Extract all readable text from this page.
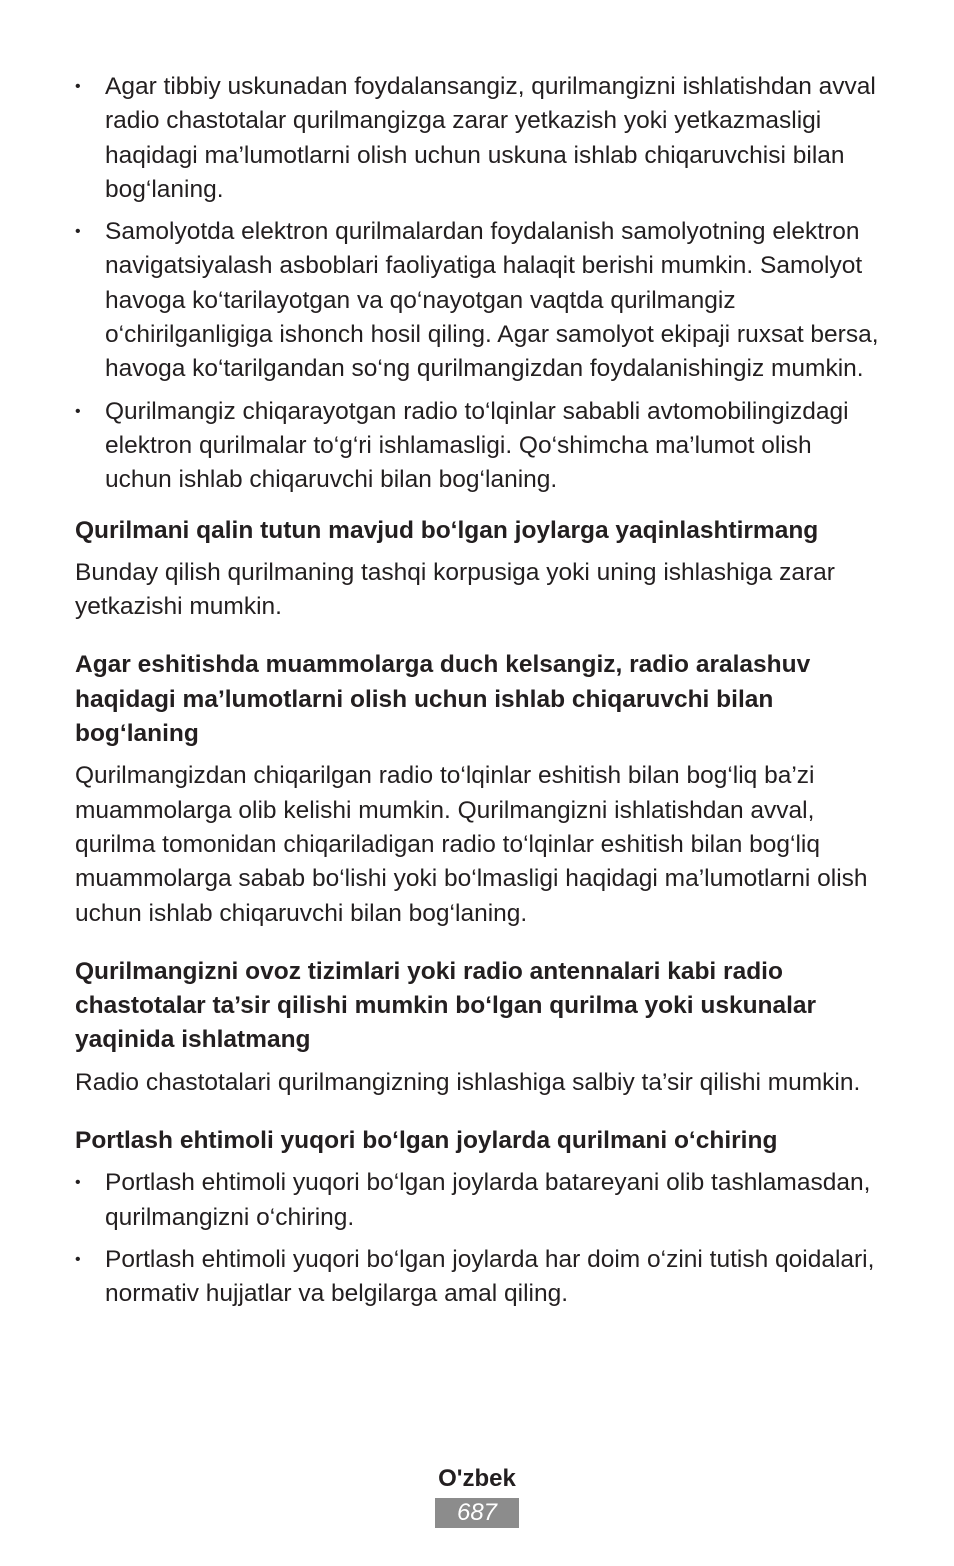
• Agar tibbiy uskunadan foydalansangiz, qurilmangizni ishlatishdan avval radio chastotalar qurilmangizga zarar yetkazish yoki yetkazmasligi haqidagi ma’lumotlarni olish uchun uskuna ishlab chiqaruvchisi bilan bog‘laning.
• Samolyotda elektron qurilmalardan foydalanish samolyotning elektron navigatsiyalash asboblari faoliyatiga halaqit berishi mumkin. Samolyot havoga ko‘tarilayotgan va qo‘nayotgan vaqtda qurilmangiz o‘chirilganligiga ishonch hosil qiling. Agar samolyot ekipaji ruxsat bersa, havoga ko‘tarilgandan so‘ng qurilmangizdan foydalanishingiz mumkin.
• Qurilmangiz chiqarayotgan radio to‘lqinlar sababli avtomobilingizdagi elektron qurilmalar to‘g‘ri ishlamasligi. Qo‘shimcha ma’lumot olish uchun ishlab chiqaruvchi bilan bog‘laning.
Qurilmani qalin tutun mavjud bo‘lgan joylarga yaqinlashtirmang

Bunday qilish qurilmaning tashqi korpusiga yoki uning ishlashiga zarar yetkazishi mumkin.

Agar eshitishda muammolarga duch kelsangiz, radio aralashuv haqidagi ma’lumotlarni olish uchun ishlab chiqaruvchi bilan bog‘laning

Qurilmangizdan chiqarilgan radio to‘lqinlar eshitish bilan bog‘liq ba’zi muammolarga olib kelishi mumkin. Qurilmangizni ishlatishdan avval, qurilma tomonidan chiqariladigan radio to‘lqinlar eshitish bilan bog‘liq muammolarga sabab bo‘lishi yoki bo‘lmasligi haqidagi ma’lumotlarni olish uchun ishlab chiqaruvchi bilan bog‘laning.

Qurilmangizni ovoz tizimlari yoki radio antennalari kabi radio chastotalar ta’sir qilishi mumkin bo‘lgan qurilma yoki uskunalar yaqinida ishlatmang

Radio chastotalari qurilmangizning ishlashiga salbiy ta’sir qilishi mumkin.

Portlash ehtimoli yuqori bo‘lgan joylarda qurilmani o‘chiring
• Portlash ehtimoli yuqori bo‘lgan joylarda batareyani olib tashlamasdan, qurilmangizni o‘chiring.
• Portlash ehtimoli yuqori bo‘lgan joylarda har doim o‘zini tutish qoidalari, normativ hujjatlar va belgilarga amal qiling.
O'zbek
687
